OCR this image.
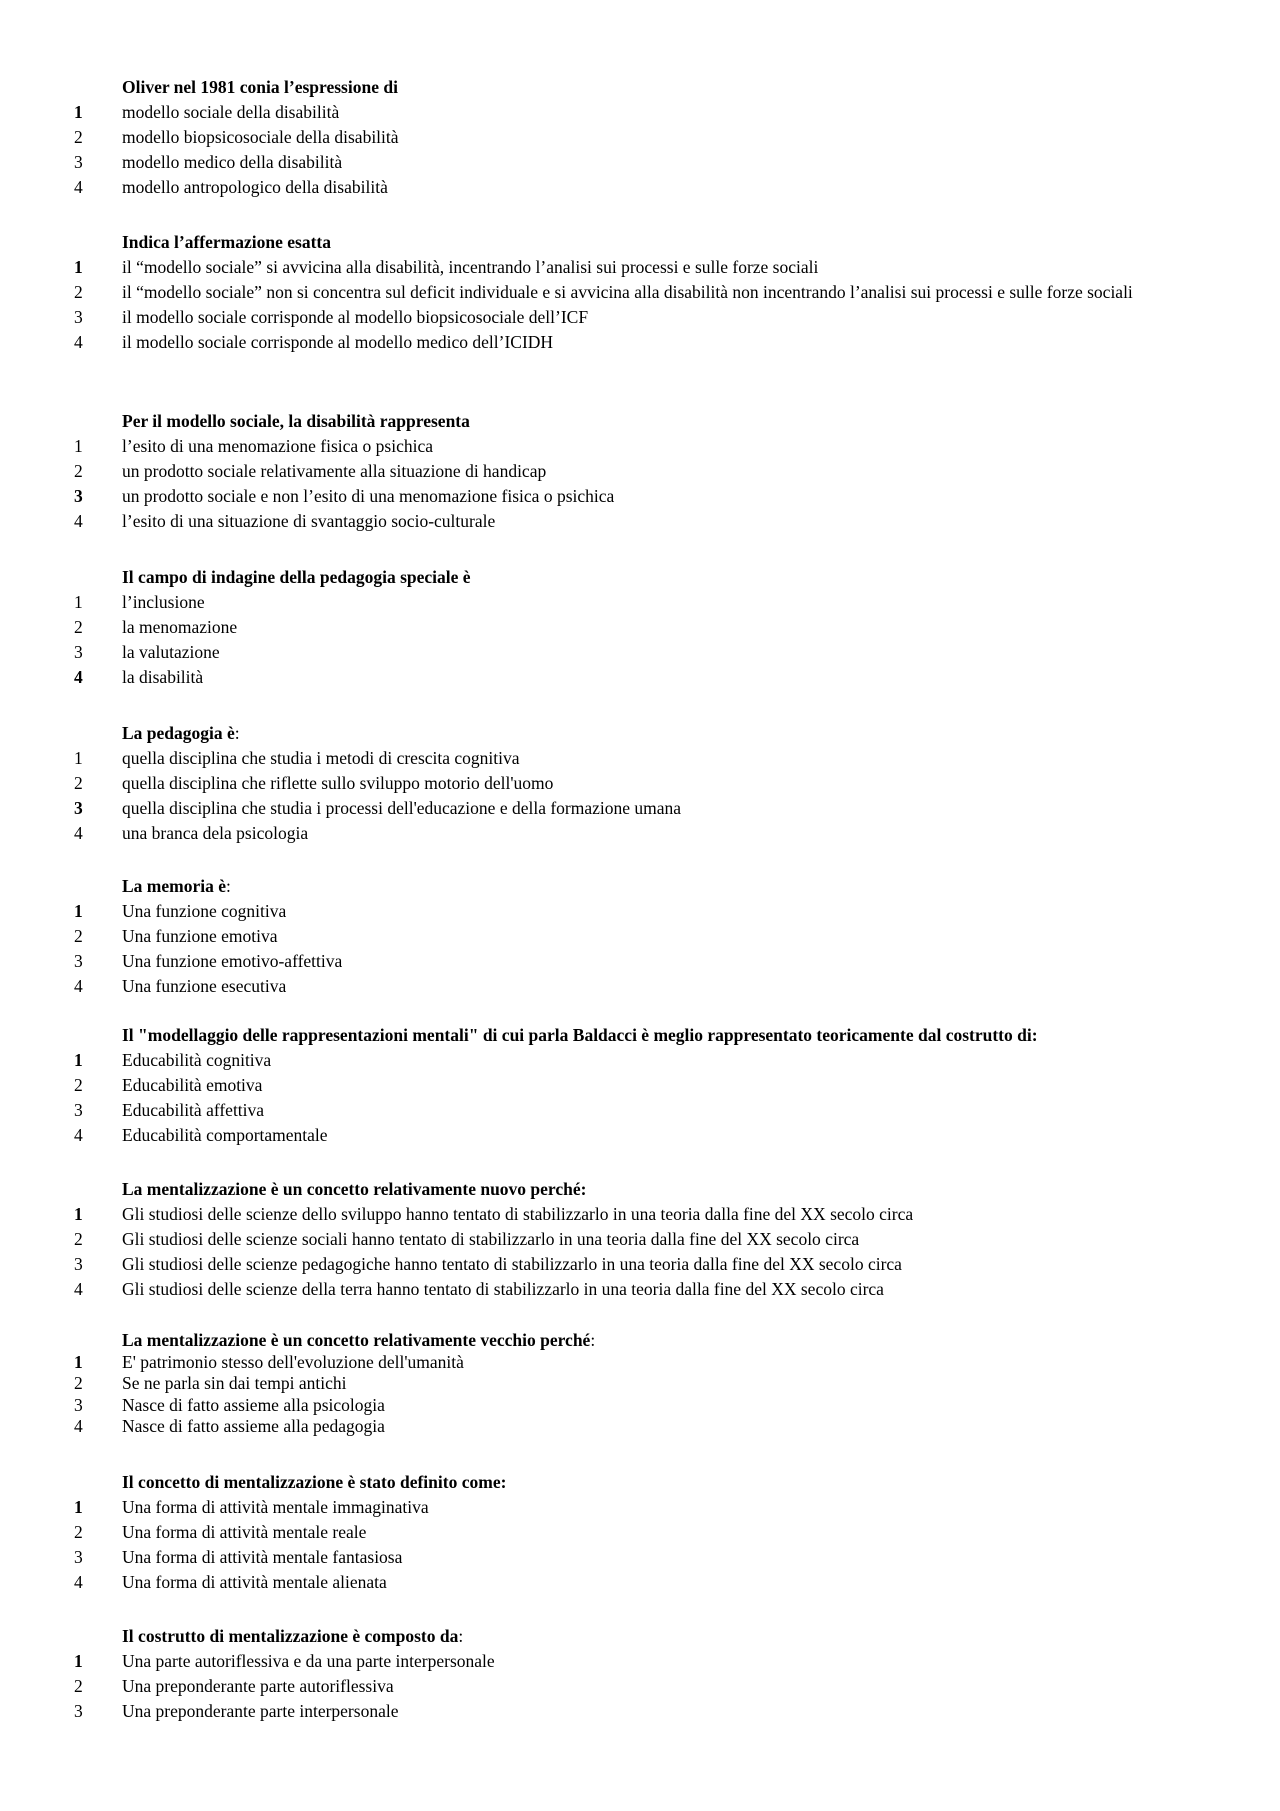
Oliver nel 1981 conia l’espressione di
1	modello sociale della disabilità
2	modello biopsicosociale della disabilità
3	modello medico della disabilità
4	modello antropologico della disabilità
Indica l’affermazione esatta
1	il “modello sociale” si avvicina alla disabilità, incentrando l’analisi sui processi e sulle forze sociali
2	il “modello sociale” non si concentra sul deficit individuale e si avvicina alla disabilità non incentrando l’analisi sui processi e sulle forze sociali
3	il modello sociale corrisponde al modello biopsicosociale dell’ICF
4	il modello sociale corrisponde al modello medico dell’ICIDH
Per il modello sociale, la disabilità rappresenta
1	l’esito di una menomazione fisica o psichica
2	un prodotto sociale relativamente alla situazione di handicap
3	un prodotto sociale e non l’esito di una menomazione fisica o psichica
4	l’esito di una situazione di svantaggio socio-culturale
Il campo di indagine della pedagogia speciale è
1	l’inclusione
2	la menomazione
3	la valutazione
4	la disabilità
La pedagogia è:
1	quella disciplina che studia i metodi di crescita cognitiva
2	quella disciplina che riflette sullo sviluppo motorio dell'uomo
3	quella disciplina che studia i processi dell'educazione e della formazione umana
4	una branca dela psicologia
La memoria è:
1	Una funzione cognitiva
2	Una funzione emotiva
3	Una funzione emotivo-affettiva
4	Una funzione esecutiva
Il "modellaggio delle rappresentazioni mentali" di cui parla Baldacci è meglio rappresentato teoricamente dal costrutto di:
1	Educabilità cognitiva
2	Educabilità emotiva
3	Educabilità affettiva
4	Educabilità comportamentale
La mentalizzazione è un concetto relativamente nuovo perché:
1	Gli studiosi delle scienze dello sviluppo hanno tentato di stabilizzarlo in una teoria dalla fine del XX secolo circa
2	Gli studiosi delle scienze sociali hanno tentato di stabilizzarlo in una teoria dalla fine del XX secolo circa
3	Gli studiosi delle scienze pedagogiche hanno tentato di stabilizzarlo in una teoria dalla fine del XX secolo circa
4	Gli studiosi delle scienze della terra hanno tentato di stabilizzarlo in una teoria dalla fine del XX secolo circa
La mentalizzazione è un concetto relativamente vecchio perché:
1	E' patrimonio stesso dell'evoluzione dell'umanità
2	Se ne parla sin dai tempi antichi
3	Nasce di fatto assieme alla psicologia
4	Nasce di fatto assieme alla pedagogia
Il concetto di mentalizzazione è stato definito come:
1	Una forma di attività mentale immaginativa
2	Una forma di attività mentale reale
3	Una forma di attività mentale fantasiosa
4	Una forma di attività mentale alienata
Il costrutto di mentalizzazione è composto da:
1	Una parte autoriflessiva e da una parte interpersonale
2	Una preponderante parte autoriflessiva
3	Una preponderante parte interpersonale
